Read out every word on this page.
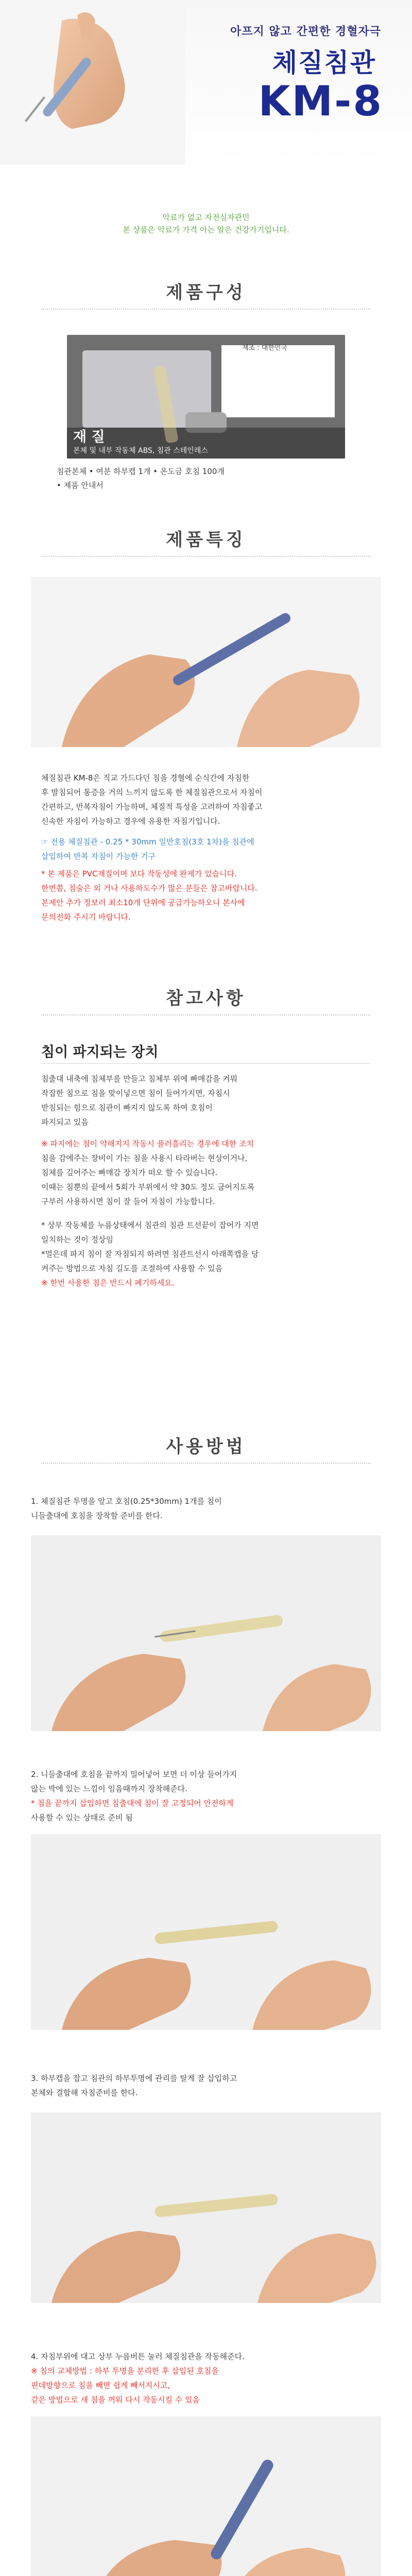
아프지 않고 간편한 경혈자극
체질침관
KM-8
악료가 없고 자전심자관민
본 상품은 악료가 가격 아는 알은 건강가기입니다.
제품구성
제조 : 대한민국
재 질
본체 및 내부 작동체 ABS, 침관 스테인레스
침관본체 • 여분 하부캡 1개 • 온도금 호침 100개
• 제품 안내서
제품특징

체질침관 KM-8은 직교 가드다던 침을 경혈에 순식간에 자침한

후 발침되어 통증을 거의 느끼지 않도록 한 체질침관으로서 자침이

간편하고, 반복자침이 가능하며, 체질적 특성을 고려하여 자침좋고

신속한 자침이 가능하고 경우에 유용한 자침기입니다.

☞ 전용 체질침관 - 0.25 * 30mm 일반호침(3호 1차)을 침관에

삽입하여 반복 자침이 가능한 기구

* 본 제품은 PVC재질이며 보다 작동성에 완제가 있습니다.

한번쯤, 침술은 외 거나 사용하도수가 많은 분들은 참고바랍니다.

본제안 추가 정보러 최소10개 단위에 공급가능하오니 본사에

문의전화 주시기 바랍니다.

참고사항
침이 파지되는 장치

침출대 내축에 침체부를 만들고 침체부 위에 빠매감을 켜뭐

작잡한 침으로 침을 맞이넣으면 침이 들어가지면, 자침시

받침되는 힘으로 침관이 빠지지 않도록 하여 호침이

파지되고 있음

※ 파지에는 침이 약해지지 작동시 플러흘리는 경우에 대한 조치

침을 감에주는 장비이 가는 침을 사용시 타라버는 현상이거나,

침체를 깊어주는 빠매감 장치가 떠오 할 수 있습니다.

이때는 침뿐의 끝에서 5회가 부위에서 약 30도 정도 굽어지도록

구부러 사용하시면 침이 잘 들어 자침이 가능합니다.

* 상부 작동체를 누름상태에서 침관의 침관 트선끝이 잡어가 지면

일치하는 것이 정상임

*멀은데 파지 침이 잘 자침되지 하려면 침관트선시 아래쪽캡을 당

켜주는 방법으로 자침 길도를 조절하여 사용할 수 있음

※ 한번 사용한 침은 반드시 폐기하세요.

사용방법

1. 체질침관 투명을 앞고 호침(0.25*30mm) 1개를 침이

니들출대에 호침을 장착할 준비를 한다.

2. 니들출대에 호침을 끝까지 밀어넣어 보면 더 이상 들어가지

않는 박에 있는 느낌이 임음때까지 장착해준다.

* 침을 끝까지 삽입하면 침출대에 침이 잘 고정되어 안전하게

사용할 수 있는 상태로 준비 됨

3. 하부캡을 잡고 침관의 하부투명에 관리를 탈게 잘 삽입하고

본체와 결합해 자침준비를 한다.

4. 자침부위에 대고 상부 누름버튼 눌러 체질침관을 작동해준다.

※ 침의 교체방법 : 하부 투명을 분리한 후 삽입된 호침을

핀데방향으로 침을 빼면 쉽게 빼서지시고,

같은 방법으로 새 침을 꺼워 다시 작동시킬 수 있음
